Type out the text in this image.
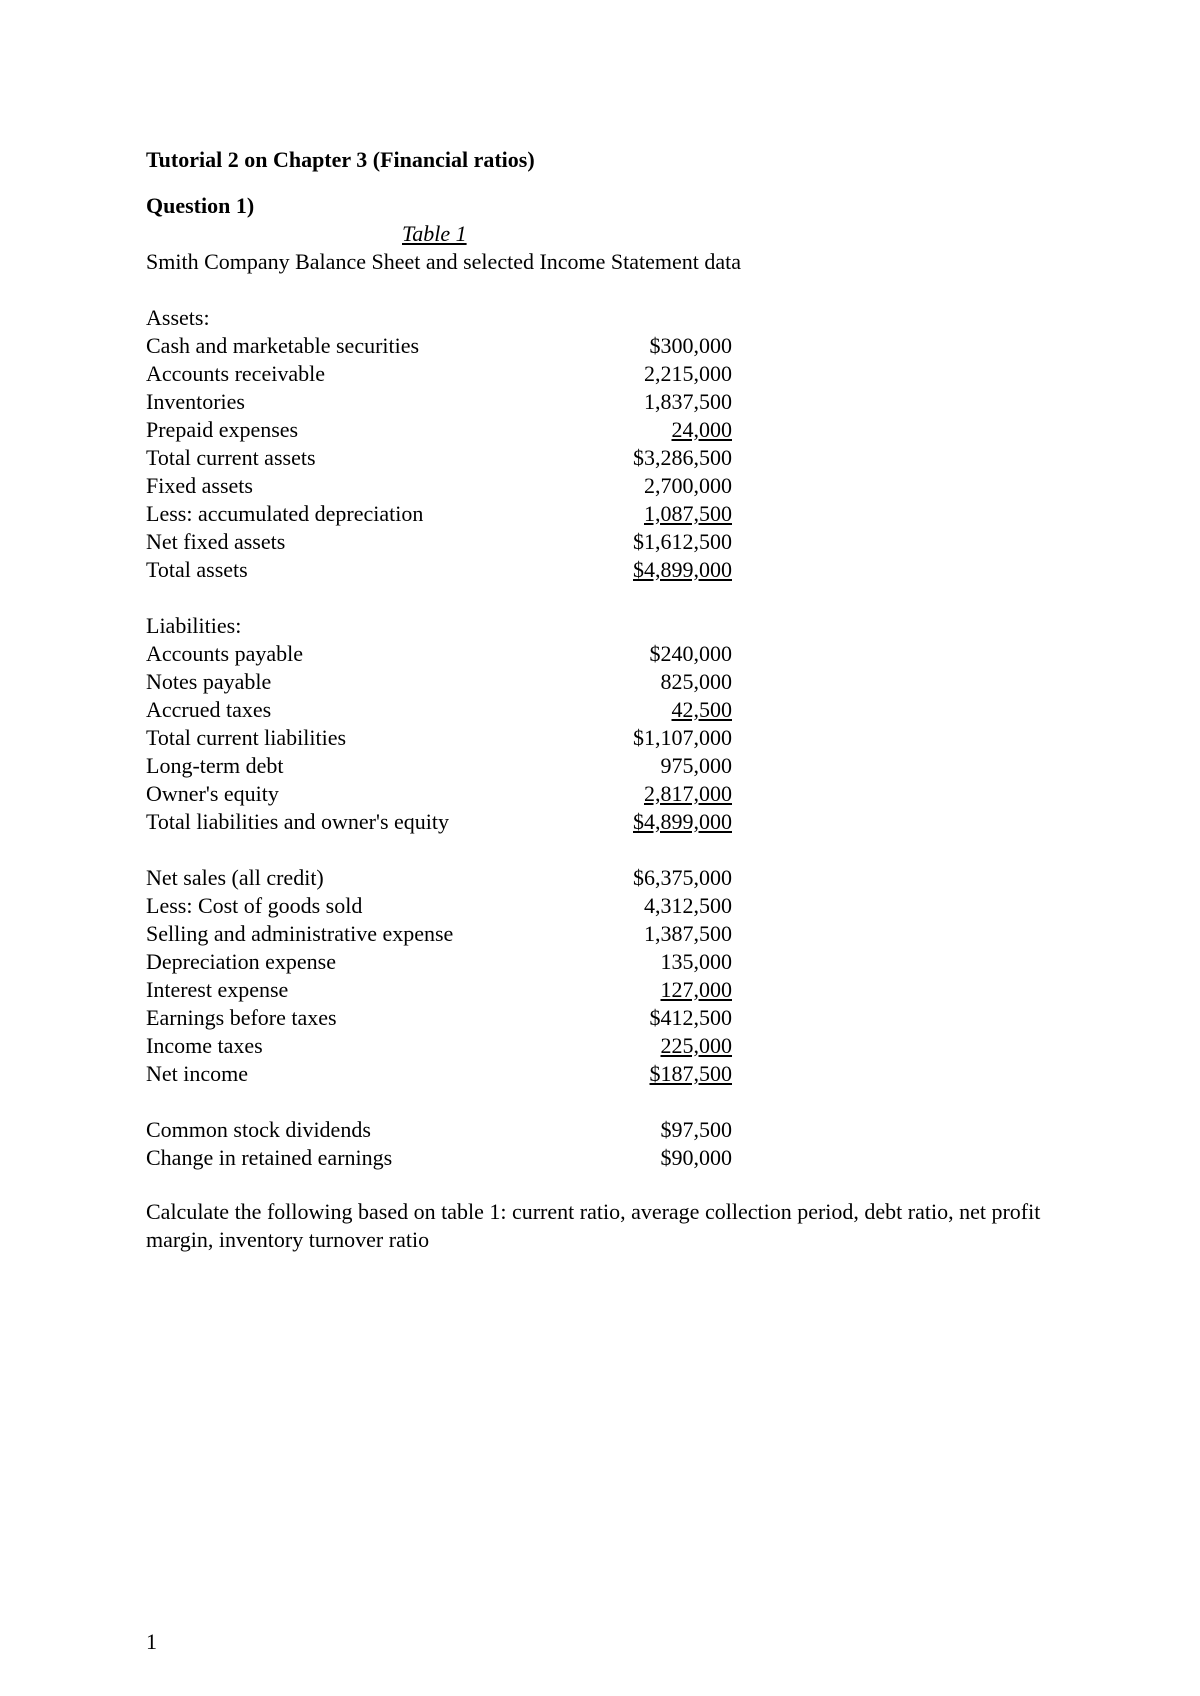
Tutorial 2 on Chapter 3 (Financial ratios)
Question 1)
Table 1
Smith Company Balance Sheet and selected Income Statement data
Assets:
Cash and marketable securities	$300,000
Accounts receivable	2,215,000
Inventories	1,837,500
Prepaid expenses	24,000
Total current assets	$3,286,500
Fixed assets	2,700,000
Less: accumulated depreciation	1,087,500
Net fixed assets	$1,612,500
Total assets	$4,899,000
Liabilities:
Accounts payable	$240,000
Notes payable	825,000
Accrued taxes	42,500
Total current liabilities	$1,107,000
Long-term debt	975,000
Owner's equity	2,817,000
Total liabilities and owner's equity	$4,899,000
Net sales (all credit)	$6,375,000
Less: Cost of goods sold	4,312,500
Selling and administrative expense	1,387,500
Depreciation expense	135,000
Interest expense	127,000
Earnings before taxes	$412,500
Income taxes	225,000
Net income	$187,500
Common stock dividends	$97,500
Change in retained earnings	$90,000
Calculate the following based on table 1: current ratio, average collection period, debt ratio, net profit margin, inventory turnover ratio
1
